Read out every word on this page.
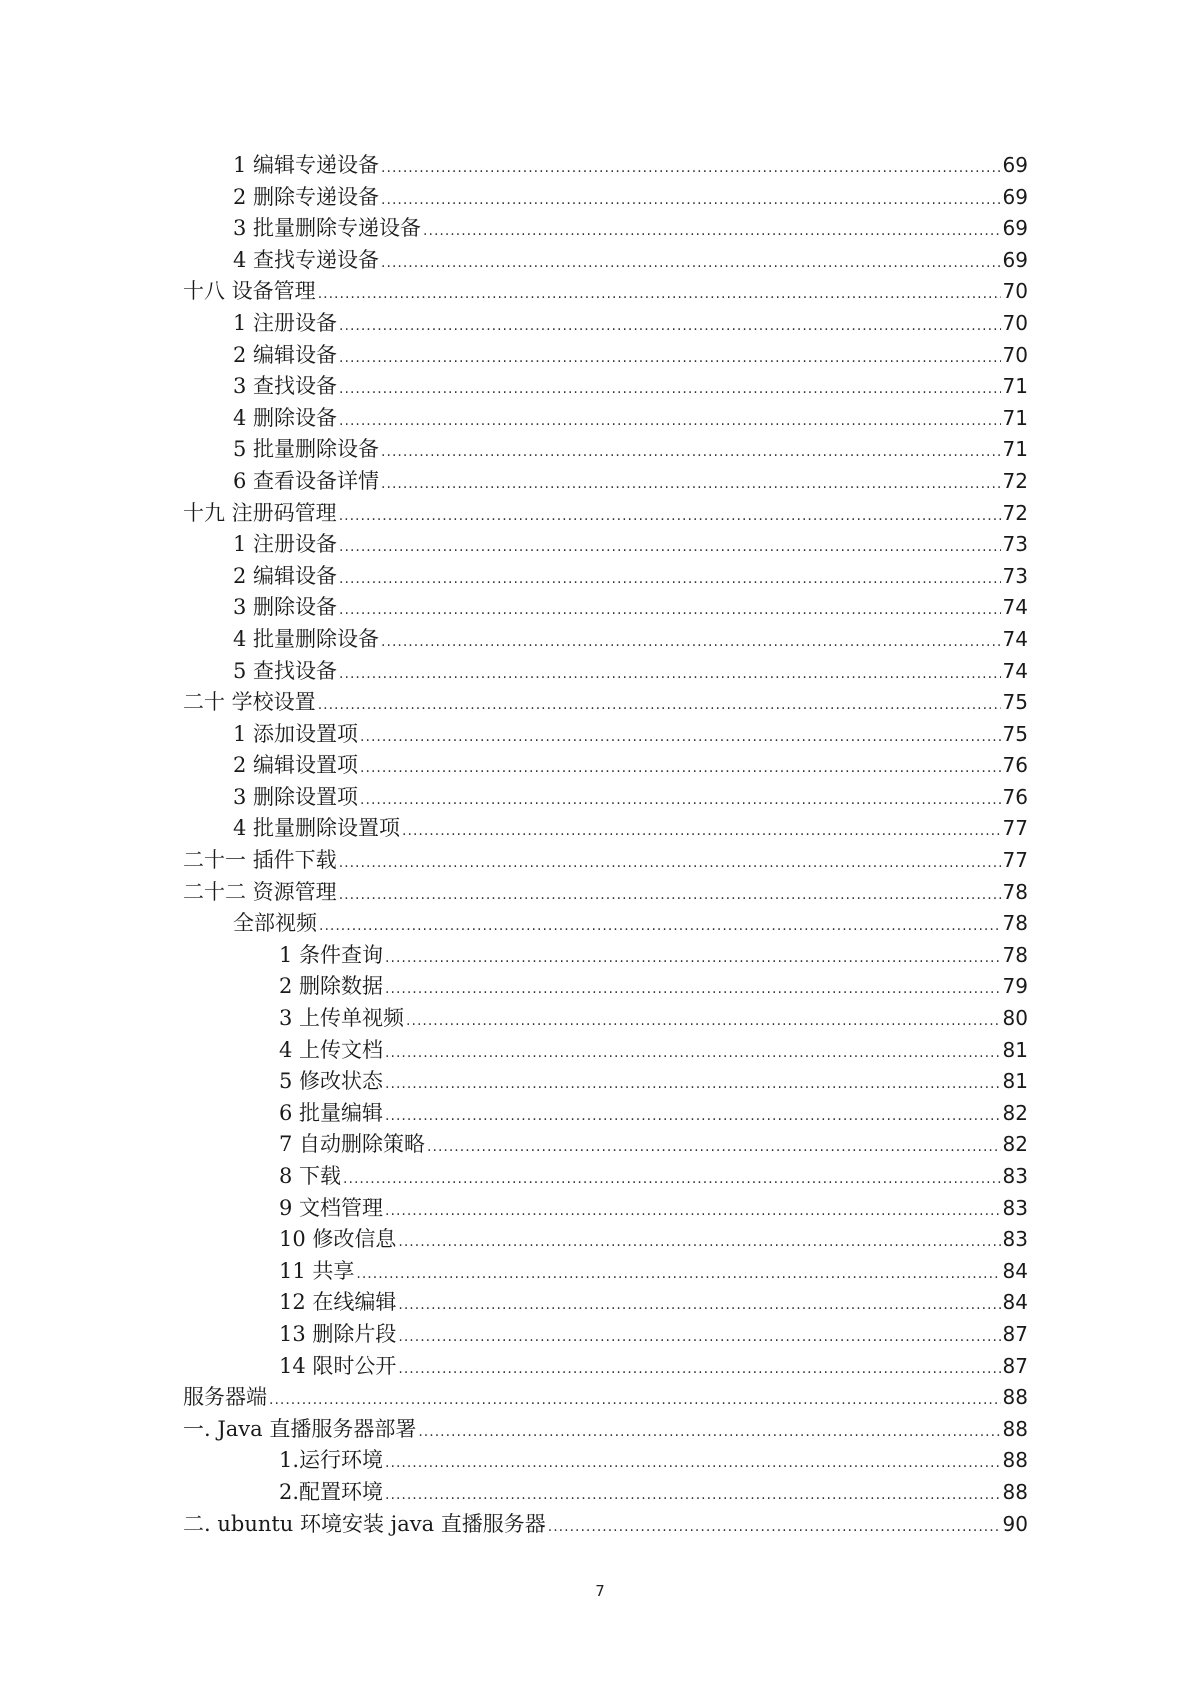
1 编辑专递设备 .....	69
2 删除专递设备 .....	69
3 批量删除专递设备 .....	69
4 查找专递设备 .....	69
十八 设备管理 .....	70
1 注册设备 .....	70
2 编辑设备 .....	70
3 查找设备 .....	71
4 删除设备 .....	71
5 批量删除设备 .....	71
6 查看设备详情 .....	72
十九 注册码管理 .....	72
1 注册设备 .....	73
2 编辑设备 .....	73
3 删除设备 .....	74
4 批量删除设备 .....	74
5 查找设备 .....	74
二十 学校设置 .....	75
1 添加设置项 .....	75
2 编辑设置项 .....	76
3 删除设置项 .....	76
4 批量删除设置项 .....	77
二十一 插件下载 .....	77
二十二 资源管理 .....	78
全部视频 .....	78
1 条件查询 .....	78
2 删除数据 .....	79
3 上传单视频 .....	80
4 上传文档 .....	81
5 修改状态 .....	81
6 批量编辑 .....	82
7 自动删除策略 .....	82
8 下载 .....	83
9 文档管理 .....	83
10 修改信息 .....	83
11 共享 .....	84
12 在线编辑 .....	84
13 删除片段 .....	87
14 限时公开 .....	87
服务器端 .....	88
一. Java 直播服务器部署 .....	88
1.运行环境 .....	88
2.配置环境 .....	88
二. ubuntu 环境安装 java 直播服务器 .....	90
7
